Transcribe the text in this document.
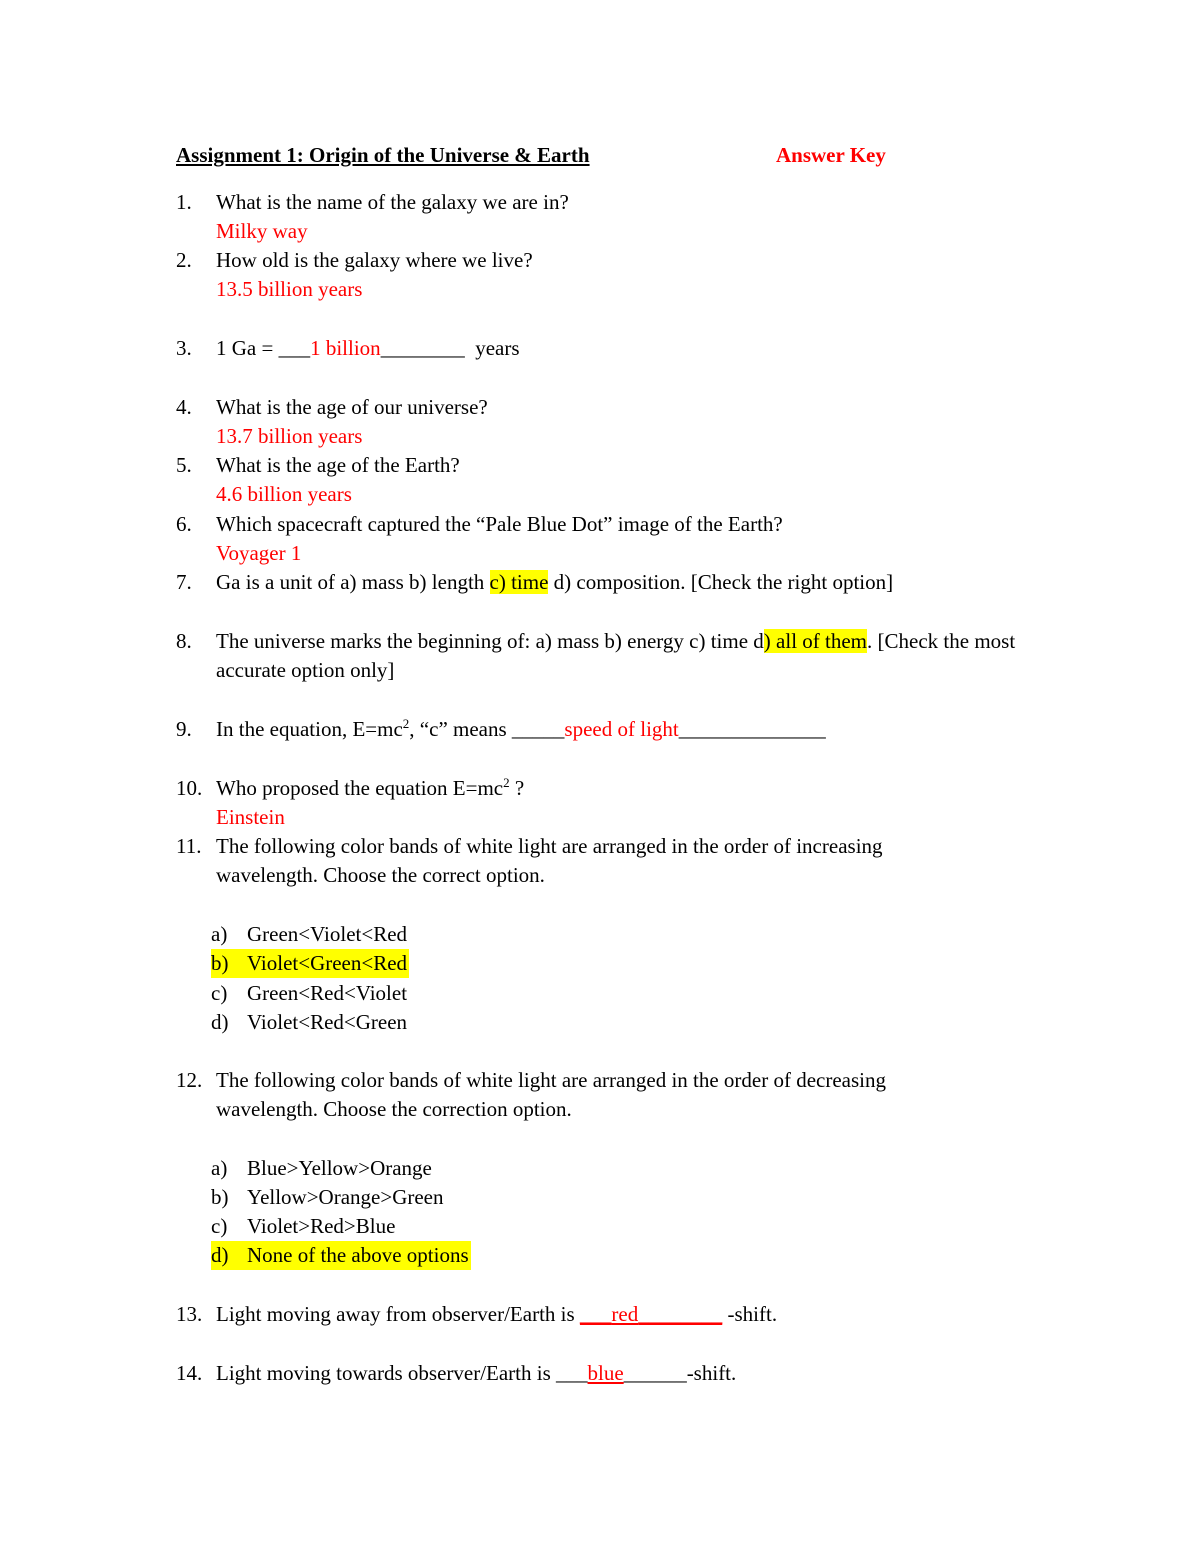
Assignment 1: Origin of the Universe & Earth	Answer Key
1. What is the name of the galaxy we are in?
Milky way
2. How old is the galaxy where we live?
13.5 billion years
3. 1 Ga = ___1 billion________  years
4. What is the age of our universe?
13.7 billion years
5. What is the age of the Earth?
4.6 billion years
6. Which spacecraft captured the “Pale Blue Dot” image of the Earth?
Voyager 1
7. Ga is a unit of a) mass b) length c) time d) composition. [Check the right option]
8. The universe marks the beginning of: a) mass b) energy c) time d) all of them. [Check the most accurate option only]
9. In the equation, $E=mc^2$, “c” means _____speed of light______________
10. Who proposed the equation $E=mc^2$ ?
Einstein
11. The following color bands of white light are arranged in the order of increasing wavelength. Choose the correct option.
a) Green<Violet<Red
b) Violet<Green<Red
c) Green<Red<Violet
d) Violet<Red<Green
12. The following color bands of white light are arranged in the order of decreasing wavelength. Choose the correction option.
a) Blue>Yellow>Orange
b) Yellow>Orange>Green
c) Violet>Red>Blue
d) None of the above options
13. Light moving away from observer/Earth is ___red________ -shift.
14. Light moving towards observer/Earth is ___blue______-shift.
